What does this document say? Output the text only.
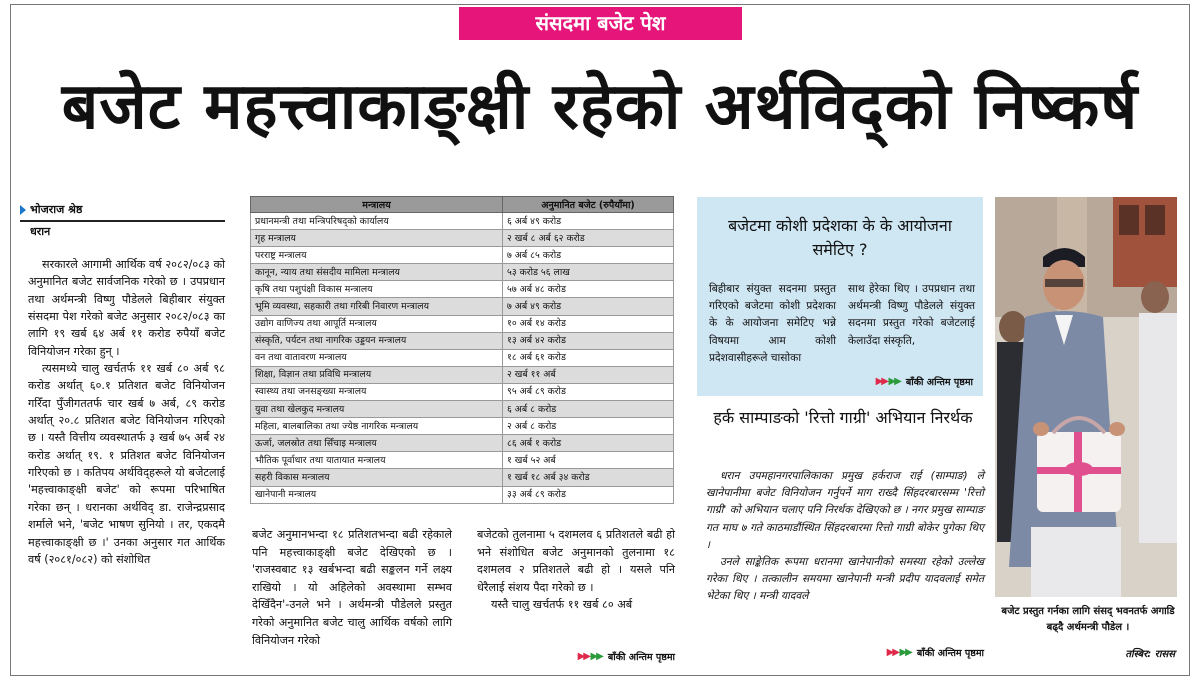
संसदमा बजेट पेश
बजेट महत्त्वाकाङ्क्षी रहेको अर्थविद्को निष्कर्ष
भोजराज श्रेष्ठ
धरान

सरकारले आगामी आर्थिक वर्ष २०८२/०८३ को अनुमानित बजेट सार्वजनिक गरेको छ । उपप्रधान तथा अर्थमन्त्री विष्णु पौडेलले बिहीबार संयुक्त संसदमा पेश गरेको बजेट अनुसार २०८२/०८३ का लागि १९ खर्ब ६४ अर्ब ११ करोड रुपैयाँ बजेट विनियोजन गरेका हुन् ।

त्यसमध्ये चालु खर्चतर्फ ११ खर्ब ८० अर्ब ९८ करोड अर्थात् ६०.१ प्रतिशत बजेट विनियोजन गरिँदा पुँजीगततर्फ चार खर्ब ७ अर्ब, ८९ करोड अर्थात् २०.८ प्रतिशत बजेट विनियोजन गरिएको छ । यस्तै वित्तीय व्यवस्थातर्फ ३ खर्ब ७५ अर्ब २४ करोड अर्थात् १९. १ प्रतिशत बजेट विनियोजन गरिएको छ । कतिपय अर्थविद्हरूले यो बजेटलाई 'महत्त्वाकाङ्क्षी बजेट' को रूपमा परिभाषित गरेका छन् । धरानका अर्थविद् डा. राजेन्द्रप्रसाद शर्माले भने, 'बजेट भाषण सुनियो । तर, एकदमै महत्त्वाकाङ्क्षी छ ।' उनका अनुसार गत आर्थिक वर्ष (२०८१/०८२) को संशोधित

मन्त्रालय	अनुमानित बजेट (रुपैयाँमा)
प्रधानमन्त्री तथा मन्त्रिपरिषद्को कार्यालय	६ अर्ब ४९ करोड
गृह मन्त्रालय	२ खर्ब ८ अर्ब ६२ करोड
परराष्ट्र मन्त्रालय	७ अर्ब ८५ करोड
कानून, न्याय तथा संसदीय मामिला मन्त्रालय	५३ करोड ५६ लाख
कृषि तथा पशुपंक्षी विकास मन्त्रालय	५७ अर्ब ४८ करोड
भूमि व्यवस्था, सहकारी तथा गरिबी निवारण मन्त्रालय	७ अर्ब ४९ करोड
उद्योग वाणिज्य तथा आपूर्ति मन्त्रालय	१० अर्ब १४ करोड
संस्कृति, पर्यटन तथा नागरिक उड्डयन मन्त्रालय	१३ अर्ब ४२ करोड
वन तथा वातावरण मन्त्रालय	१८ अर्ब ६१ करोड
शिक्षा, विज्ञान तथा प्रविधि मन्त्रालय	२ खर्ब ११ अर्ब
स्वास्थ्य तथा जनसङ्ख्या मन्त्रालय	९५ अर्ब ८९ करोड
युवा तथा खेलकुद मन्त्रालय	६ अर्ब ८ करोड
महिला, बालबालिका तथा ज्येष्ठ नागरिक मन्त्रालय	२ अर्ब ८ करोड
ऊर्जा, जलस्रोत तथा सिँचाइ मन्त्रालय	८६ अर्ब १ करोड
भौतिक पूर्वाधार तथा यातायात मन्त्रालय	१ खर्ब ५२ अर्ब
सहरी विकास मन्त्रालय	१ खर्ब १८ अर्ब ३४ करोड
खानेपानी मन्त्रालय	३३ अर्ब ८९ करोड

बजेट अनुमानभन्दा १८ प्रतिशतभन्दा बढी रहेकाले पनि महत्त्वाकाङ्क्षी बजेट देखिएको छ । 'राजस्वबाट १३ खर्बभन्दा बढी सङ्कलन गर्ने लक्ष्य राखियो । यो अहिलेको अवस्थामा सम्भव देखिँदैन'-उनले भने । अर्थमन्त्री पौडेलले प्रस्तुत गरेको अनुमानित बजेट चालु आर्थिक वर्षको लागि विनियोजन गरेको

बजेटको तुलनामा ५ दशमलव ६ प्रतिशतले बढी हो भने संशोधित बजेट अनुमानको तुलनामा १८ दशमलव २ प्रतिशतले बढी हो । यसले पनि धेरैलाई संशय पैदा गरेको छ ।

यस्तै चालु खर्चतर्फ ११ खर्ब ८० अर्ब

▶▶ ▶▶ बाँकी अन्तिम पृष्ठमा
बजेटमा कोशी प्रदेशका के के आयोजना समेटिए ?

बिहीबार संयुक्त सदनमा प्रस्तुत गरिएको बजेटमा कोशी प्रदेशका के के आयोजना समेटिए भन्ने विषयमा आम कोशी प्रदेशवासीहरूले चासोका

साथ हेरेका थिए । उपप्रधान तथा अर्थमन्त्री विष्णु पौडेलले संयुक्त सदनमा प्रस्तुत गरेको बजेटलाई केलाउँदा संस्कृति,

▶▶ ▶▶ बाँकी अन्तिम पृष्ठमा
हर्क साम्पाङको 'रित्तो गाग्री' अभियान निरर्थक

धरान उपमहानगरपालिकाका प्रमुख हर्कराज राई (साम्पाङ) ले खानेपानीमा बजेट विनियोजन गर्नुपर्ने माग राख्दै सिंहदरबारसम्म 'रित्तो गाग्री' को अभियान चलाए पनि निरर्थक देखिएको छ । नगर प्रमुख साम्पाङ गत माघ ७ गते काठमाडौंस्थित सिंहदरबारमा रित्तो गाग्री बोकेर पुगेका थिए ।

उनले साङ्केतिक रूपमा धरानमा खानेपानीको समस्या रहेको उल्लेख गरेका थिए । तत्कालीन समयमा खानेपानी मन्त्री प्रदीप यादवलाई समेत भेटेका थिए । मन्त्री यादवले

▶▶ ▶▶ बाँकी अन्तिम पृष्ठमा
बजेट प्रस्तुत गर्नका लागि संसद् भवनतर्फ अगाडि बढ्दै अर्थमन्त्री पौडेल ।
तस्बिर: रासस
